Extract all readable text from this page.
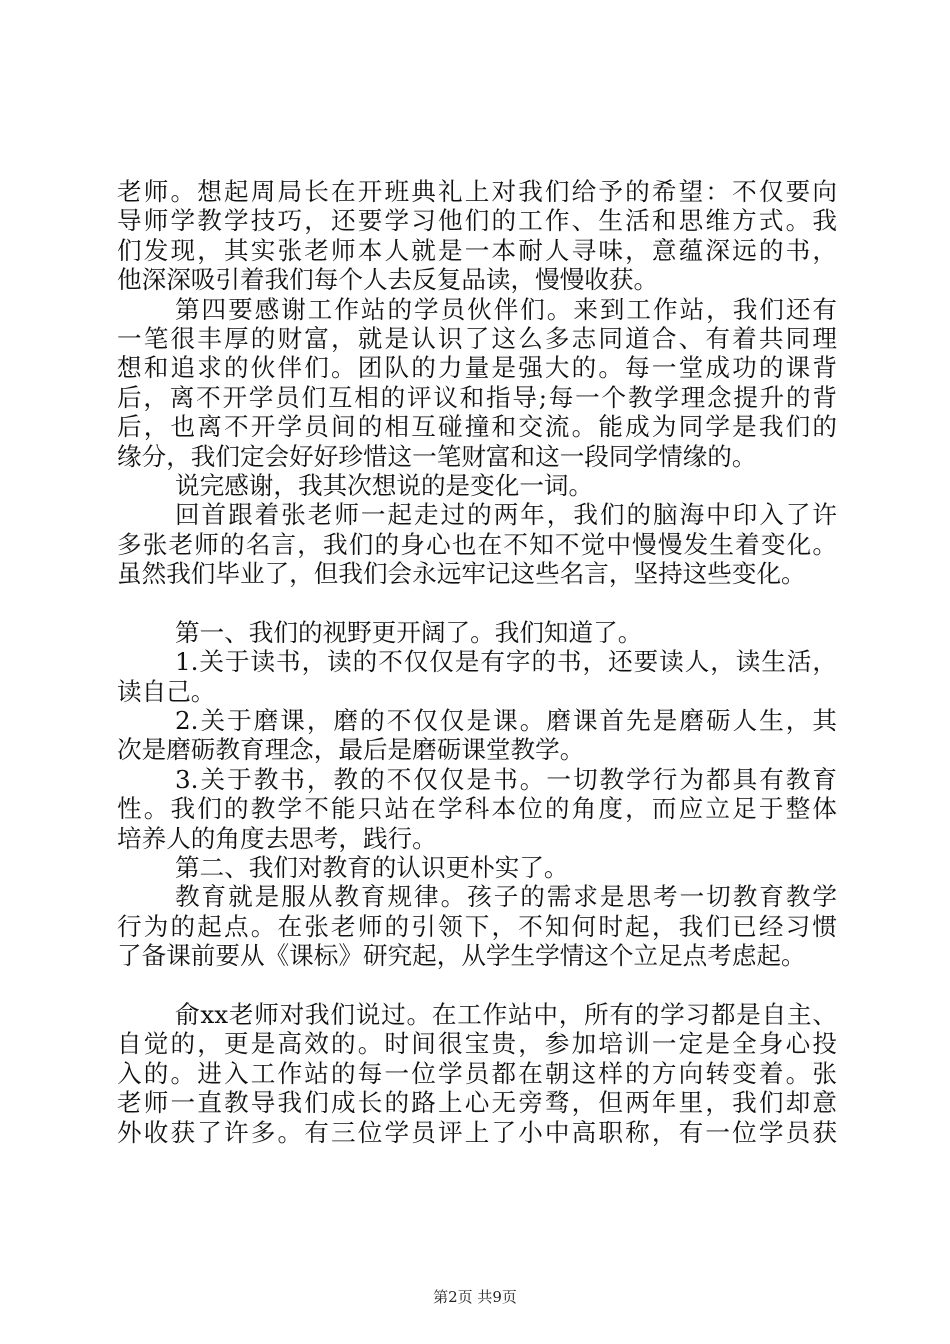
老师。想起周局长在开班典礼上对我们给予的希望：不仅要向
导师学教学技巧，还要学习他们的工作、生活和思维方式。我
们发现，其实张老师本人就是一本耐人寻味，意蕴深远的书，
他深深吸引着我们每个人去反复品读，慢慢收获。
第四要感谢工作站的学员伙伴们。来到工作站，我们还有
一笔很丰厚的财富，就是认识了这么多志同道合、有着共同理
想和追求的伙伴们。团队的力量是强大的。每一堂成功的课背
后，离不开学员们互相的评议和指导;每一个教学理念提升的背
后，也离不开学员间的相互碰撞和交流。能成为同学是我们的
缘分，我们定会好好珍惜这一笔财富和这一段同学情缘的。
说完感谢，我其次想说的是变化一词。
回首跟着张老师一起走过的两年，我们的脑海中印入了许
多张老师的名言，我们的身心也在不知不觉中慢慢发生着变化。
虽然我们毕业了，但我们会永远牢记这些名言，坚持这些变化。
第一、我们的视野更开阔了。我们知道了。
1.关于读书，读的不仅仅是有字的书，还要读人，读生活，
读自己。
2.关于磨课，磨的不仅仅是课。磨课首先是磨砺人生，其
次是磨砺教育理念，最后是磨砺课堂教学。
3.关于教书，教的不仅仅是书。一切教学行为都具有教育
性。我们的教学不能只站在学科本位的角度，而应立足于整体
培养人的角度去思考，践行。
第二、我们对教育的认识更朴实了。
教育就是服从教育规律。孩子的需求是思考一切教育教学
行为的起点。在张老师的引领下，不知何时起，我们已经习惯
了备课前要从《课标》研究起，从学生学情这个立足点考虑起。
俞xx老师对我们说过。在工作站中，所有的学习都是自主、
自觉的，更是高效的。时间很宝贵，参加培训一定是全身心投
入的。进入工作站的每一位学员都在朝这样的方向转变着。张
老师一直教导我们成长的路上心无旁骛，但两年里，我们却意
外收获了许多。有三位学员评上了小中高职称，有一位学员获
第2页 共9页
